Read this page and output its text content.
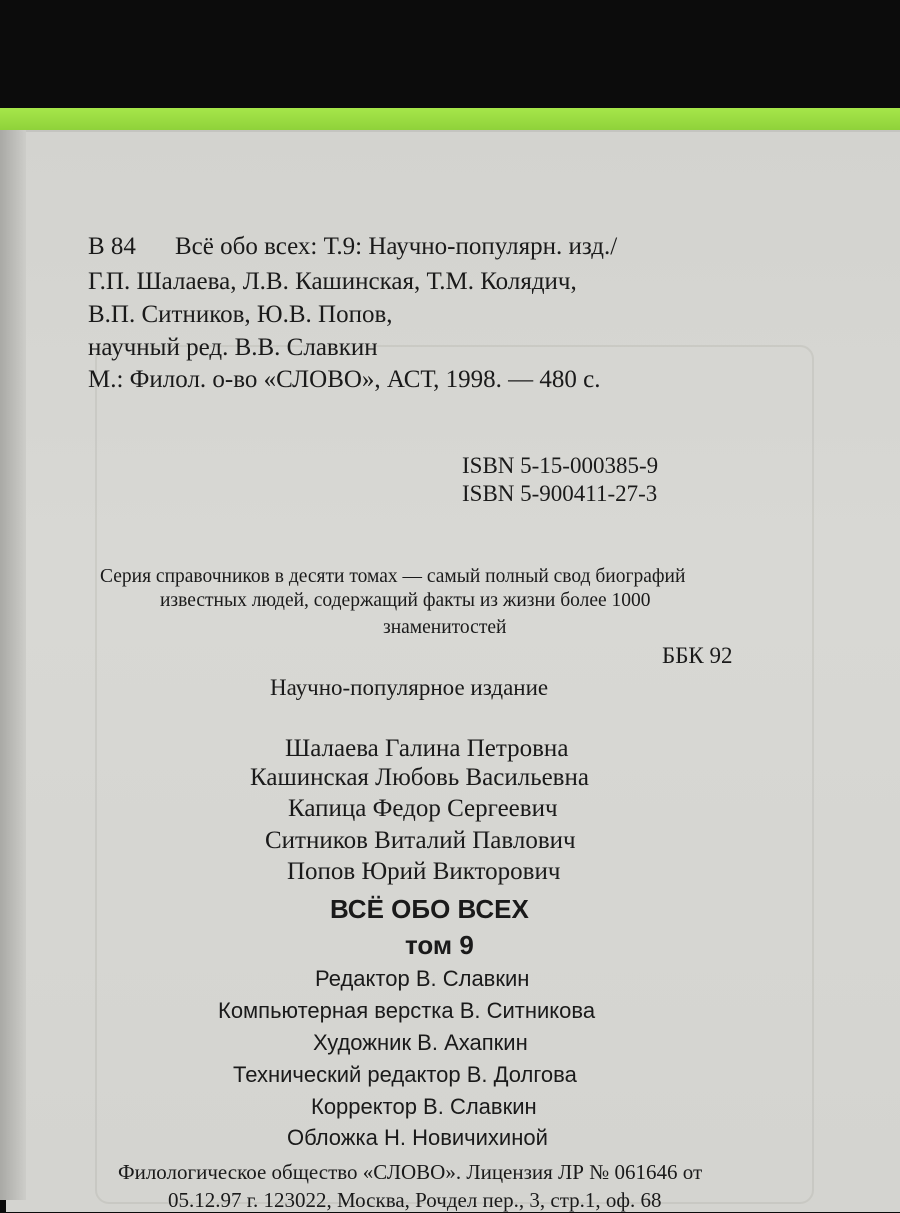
В 84 Всё обо всех: Т.9: Научно-популярн. изд./
Г.П. Шалаева, Л.В. Кашинская, Т.М. Колядич,
В.П. Ситников, Ю.В. Попов,
научный ред. В.В. Славкин
М.: Филол. о-во «СЛОВО», АСТ, 1998. — 480 с.
ISBN 5-15-000385-9
ISBN 5-900411-27-3
Серия справочников в десяти томах — самый полный свод биографий
известных людей, содержащий факты из жизни более 1000
знаменитостей
ББК 92
Научно-популярное издание
Шалаева Галина Петровна
Кашинская Любовь Васильевна
Капица Федор Сергеевич
Ситников Виталий Павлович
Попов Юрий Викторович
ВСЁ ОБО ВСЕХ
том 9
Редактор В. Славкин
Компьютерная верстка В. Ситникова
Художник В. Ахапкин
Технический редактор В. Долгова
Корректор В. Славкин
Обложка Н. Новичихиной
Филологическое общество «СЛОВО». Лицензия ЛР № 061646 от
05.12.97 г. 123022, Москва, Рочдел пер., 3, стр.1, оф. 68
